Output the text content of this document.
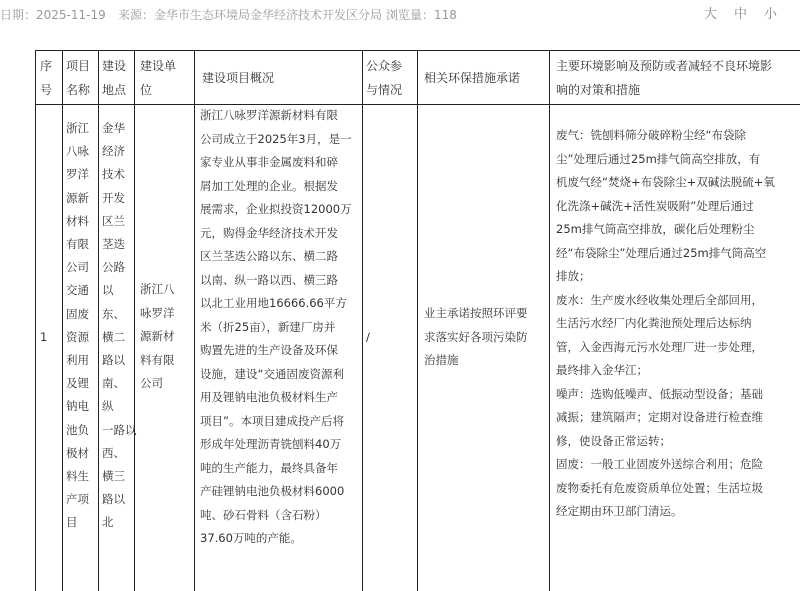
日期：2025-11-19 来源：金华市生态环境局金华经济技术开发区分局 浏览量：118	大 中 小
序
号
项目
名称
建设
地点
建设单
位
建设项目概况
公众参
与情况
相关环保措施承诺
主要环境影响及预防或者减轻不良环境影
响的对策和措施
1
浙江
八咏
罗洋
源新
材料
有限
公司
交通
固废
资源
利用
及锂
钠电
池负
极材
料生
产项
目
金华
经济
技术
开发
区兰
茎迭
公路
以
东、
横二
路以
南、
纵
一路以
西、
横三
路以
北
浙江八
咏罗洋
源新材
料有限
公司
浙江八咏罗洋源新材料有限
公司成立于2025年3月，是一
家专业从事非金属废料和碎
屑加工处理的企业。根据发
展需求，企业拟投资12000万
元，购得金华经济技术开发
区兰茎迭公路以东、横二路
以南、纵一路以西、横三路
以北工业用地16666.66平方
米（折25亩），新建厂房并
购置先进的生产设备及环保
设施，建设“交通固废资源利
用及锂钠电池负极材料生产
项目”。本项目建成投产后将
形成年处理沥青铣刨料40万
吨的生产能力，最终具备年
产硅锂钠电池负极材料6000
吨、砂石骨料（含石粉）
37.60万吨的产能。
/
业主承诺按照环评要
求落实好各项污染防
治措施
废气：铣刨料筛分破碎粉尘经“布袋除
尘”处理后通过25m排气筒高空排放，有
机废气经“焚烧+布袋除尘+双碱法脱硫+氧
化洗涤+碱洗+活性炭吸附”处理后通过
25m排气筒高空排放，碳化后处理粉尘
经“布袋除尘”处理后通过25m排气筒高空
排放；
废水：生产废水经收集处理后全部回用，
生活污水经厂内化粪池预处理后达标纳
管，入金西海元污水处理厂进一步处理，
最终排入金华江；
噪声：选购低噪声、低振动型设备；基础
减振；建筑隔声；定期对设备进行检查维
修，使设备正常运转；
固废：一般工业固废外送综合利用；危险
废物委托有危废资质单位处置；生活垃圾
经定期由环卫部门清运。
